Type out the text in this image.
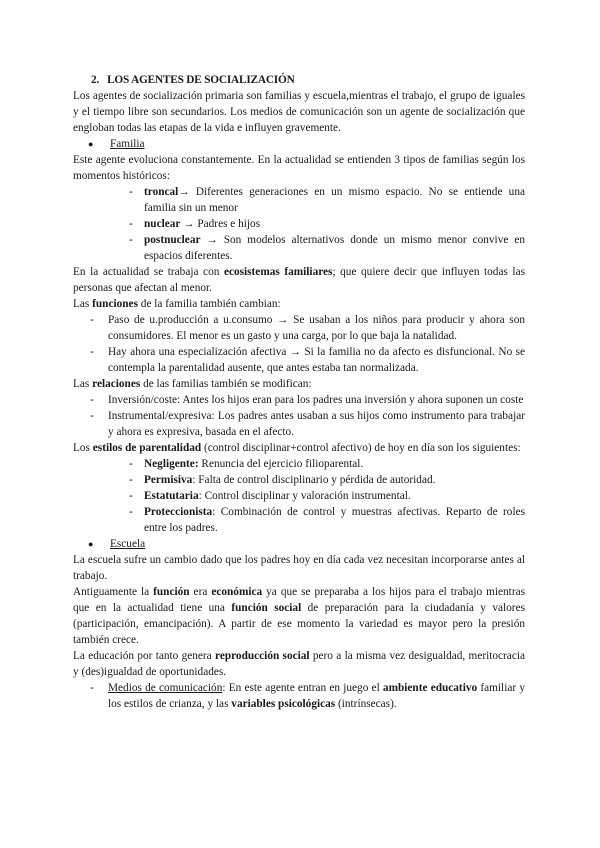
2. LOS AGENTES DE SOCIALIZACIÓN

Los agentes de socialización primaria son familias y escuela,mientras el trabajo, el grupo de iguales y el tiempo libre son secundarios. Los medios de comunicación son un agente de socialización que engloban todas las etapas de la vida e influyen gravemente.

●	Familia

Este agente evoluciona constantemente. En la actualidad se entienden 3 tipos de familias según los momentos históricos:

- troncal→ Diferentes generaciones en un mismo espacio. No se entiende una familia sin un menor
- nuclear → Padres e hijos
- postnuclear → Son modelos alternativos donde un mismo menor convive en espacios diferentes.

En la actualidad se trabaja con ecosistemas familiares; que quiere decir que influyen todas las personas que afectan al menor.

Las funciones de la familia también cambian:

-	Paso de u.producción a u.consumo → Se usaban a los niños para producir y ahora son consumidores. El menor es un gasto y una carga, por lo que baja la natalidad.
-	Hay ahora una especialización afectiva → Si la familia no da afecto es disfuncional. No se contempla la parentalidad ausente, que antes estaba tan normalizada.

Las relaciones de las familias también se modifican:

-	Inversión/coste: Antes los hijos eran para los padres una inversión y ahora suponen un coste
-	Instrumental/expresiva: Los padres antes usaban a sus hijos como instrumento para trabajar y ahora es expresiva, basada en el afecto.

Los estilos de parentalidad (control disciplinar+control afectivo) de hoy en día son los siguientes:

- Negligente: Renuncia del ejercicio filioparental.
- Permisiva: Falta de control disciplinario y pérdida de autoridad.
- Estatutaria: Control disciplinar y valoración instrumental.
- Proteccionista: Combinación de control y muestras afectivas. Reparto de roles entre los padres.
●	Escuela

La escuela sufre un cambio dado que los padres hoy en día cada vez necesitan incorporarse antes al trabajo.

Antiguamente la función era económica ya que se preparaba a los hijos para el trabajo mientras que en la actualidad tiene una función social de preparación para la ciudadanía y valores (participación, emancipación). A partir de ese momento la variedad es mayor pero la presión también crece.

La educación por tanto genera reproducción social pero a la misma vez desigualdad, meritocracia y (des)igualdad de oportunidades.

-	Medios de comunicación: En este agente entran en juego el ambiente educativo familiar y los estilos de crianza, y las variables psicológicas (intrínsecas).
